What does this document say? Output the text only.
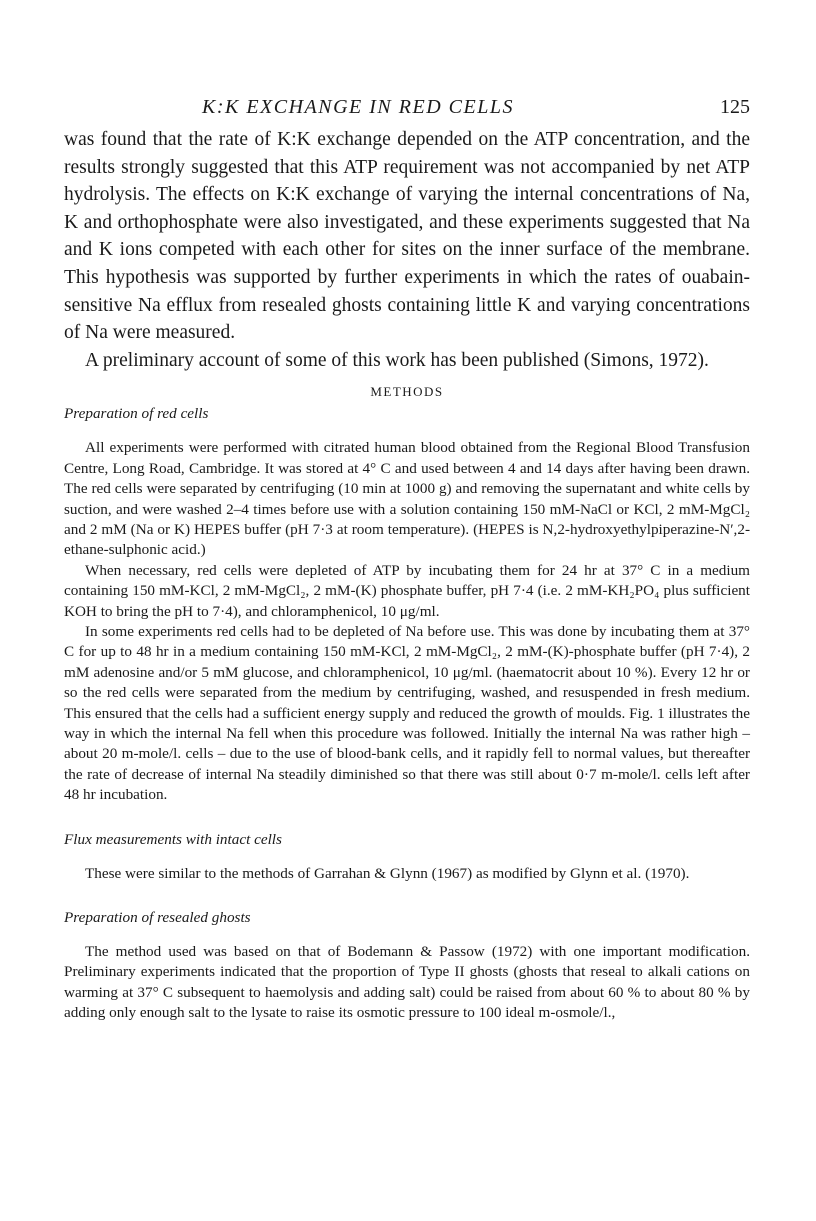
K:K EXCHANGE IN RED CELLS	125

was found that the rate of K:K exchange depended on the ATP concentration, and the results strongly suggested that this ATP requirement was not accompanied by net ATP hydrolysis. The effects on K:K exchange of varying the internal concentrations of Na, K and orthophosphate were also investigated, and these experiments suggested that Na and K ions competed with each other for sites on the inner surface of the membrane. This hypothesis was supported by further experiments in which the rates of ouabain-sensitive Na efflux from resealed ghosts containing little K and varying concentrations of Na were measured.

A preliminary account of some of this work has been published (Simons, 1972).

METHODS
Preparation of red cells

All experiments were performed with citrated human blood obtained from the Regional Blood Transfusion Centre, Long Road, Cambridge. It was stored at 4° C and used between 4 and 14 days after having been drawn. The red cells were separated by centrifuging (10 min at 1000 g) and removing the supernatant and white cells by suction, and were washed 2–4 times before use with a solution containing 150 mM-NaCl or KCl, 2 mM-MgCl₂ and 2 mM (Na or K) HEPES buffer (pH 7·3 at room temperature). (HEPES is N,2-hydroxyethylpiperazine-N′,2-ethane-sulphonic acid.)

When necessary, red cells were depleted of ATP by incubating them for 24 hr at 37° C in a medium containing 150 mM-KCl, 2 mM-MgCl₂, 2 mM-(K) phosphate buffer, pH 7·4 (i.e. 2 mM-KH₂PO₄ plus sufficient KOH to bring the pH to 7·4), and chloramphenicol, 10 μg/ml.

In some experiments red cells had to be depleted of Na before use. This was done by incubating them at 37° C for up to 48 hr in a medium containing 150 mM-KCl, 2 mM-MgCl₂, 2 mM-(K)-phosphate buffer (pH 7·4), 2 mM adenosine and/or 5 mM glucose, and chloramphenicol, 10 μg/ml. (haematocrit about 10 %). Every 12 hr or so the red cells were separated from the medium by centrifuging, washed, and resuspended in fresh medium. This ensured that the cells had a sufficient energy supply and reduced the growth of moulds. Fig. 1 illustrates the way in which the internal Na fell when this procedure was followed. Initially the internal Na was rather high – about 20 m-mole/l. cells – due to the use of blood-bank cells, and it rapidly fell to normal values, but thereafter the rate of decrease of internal Na steadily diminished so that there was still about 0·7 m-mole/l. cells left after 48 hr incubation.

Flux measurements with intact cells

These were similar to the methods of Garrahan & Glynn (1967) as modified by Glynn et al. (1970).

Preparation of resealed ghosts

The method used was based on that of Bodemann & Passow (1972) with one important modification. Preliminary experiments indicated that the proportion of Type II ghosts (ghosts that reseal to alkali cations on warming at 37° C subsequent to haemolysis and adding salt) could be raised from about 60 % to about 80 % by adding only enough salt to the lysate to raise its osmotic pressure to 100 ideal m-osmole/l.,
